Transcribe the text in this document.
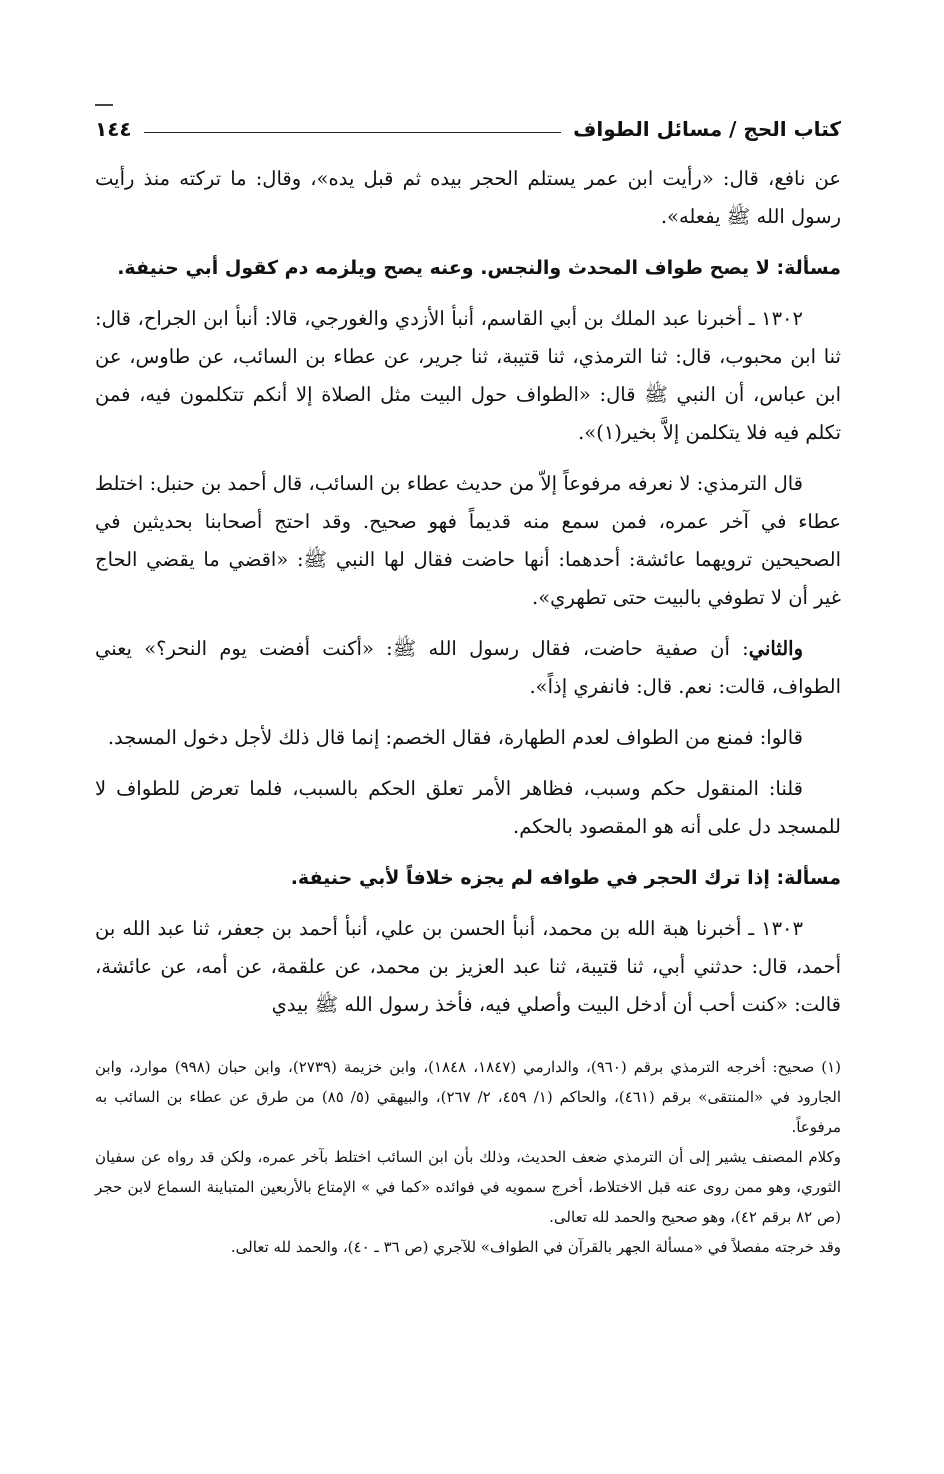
كتاب الحج / مسائل الطواف
١٤٤

عن نافع، قال: «رأيت ابن عمر يستلم الحجر بيده ثم قبل يده»، وقال: ما تركته منذ رأيت رسول الله ﷺ يفعله».

مسألة: لا يصح طواف المحدث والنجس. وعنه يصح ويلزمه دم كقول أبي حنيفة.

١٣٠٢ ـ أخبرنا عبد الملك بن أبي القاسم، أنبأ الأزدي والغورجي، قالا: أنبأ ابن الجراح، قال: ثنا ابن محبوب، قال: ثنا الترمذي، ثنا قتيبة، ثنا جرير، عن عطاء بن السائب، عن طاوس، عن ابن عباس، أن النبي ﷺ قال: «الطواف حول البيت مثل الصلاة إلا أنكم تتكلمون فيه، فمن تكلم فيه فلا يتكلمن إلاَّ بخير(١)».

قال الترمذي: لا نعرفه مرفوعاً إلاّ من حديث عطاء بن السائب، قال أحمد بن حنبل: اختلط عطاء في آخر عمره، فمن سمع منه قديماً فهو صحيح. وقد احتج أصحابنا بحديثين في الصحيحين ترويهما عائشة: أحدهما: أنها حاضت فقال لها النبي ﷺ: «اقضي ما يقضي الحاج غير أن لا تطوفي بالبيت حتى تطهري».

والثاني: أن صفية حاضت، فقال رسول الله ﷺ: «أكنت أفضت يوم النحر؟» يعني الطواف، قالت: نعم. قال: فانفري إذاً».

قالوا: فمنع من الطواف لعدم الطهارة، فقال الخصم: إنما قال ذلك لأجل دخول المسجد.

قلنا: المنقول حكم وسبب، فظاهر الأمر تعلق الحكم بالسبب، فلما تعرض للطواف لا للمسجد دل على أنه هو المقصود بالحكم.

مسألة: إذا ترك الحجر في طوافه لم يجزه خلافاً لأبي حنيفة.

١٣٠٣ ـ أخبرنا هبة الله بن محمد، أنبأ الحسن بن علي، أنبأ أحمد بن جعفر، ثنا عبد الله بن أحمد، قال: حدثني أبي، ثنا قتيبة، ثنا عبد العزيز بن محمد، عن علقمة، عن أمه، عن عائشة، قالت: «كنت أحب أن أدخل البيت وأصلي فيه، فأخذ رسول الله ﷺ بيدي

(١) صحيح: أخرجه الترمذي برقم (٩٦٠)، والدارمي (١٨٤٧، ١٨٤٨)، وابن خزيمة (٢٧٣٩)، وابن حبان (٩٩٨) موارد، وابن الجارود في «المنتقى» برقم (٤٦١)، والحاكم (١/ ٤٥٩، ٢/ ٢٦٧)، والبيهقي (٥/ ٨٥) من طرق عن عطاء بن السائب به مرفوعاً.

وكلام المصنف يشير إلى أن الترمذي ضعف الحديث، وذلك بأن ابن السائب اختلط بآخر عمره، ولكن قد رواه عن سفيان الثوري، وهو ممن روى عنه قبل الاختلاط، أخرج سمويه في فوائده «كما في » الإمتاع بالأربعين المتباينة السماع لابن حجر (ص ٨٢ برقم ٤٢)، وهو صحيح والحمد لله تعالى.

وقد خرجته مفصلاً في «مسألة الجهر بالقرآن في الطواف» للآجري (ص ٣٦ ـ ٤٠)، والحمد لله تعالى.
